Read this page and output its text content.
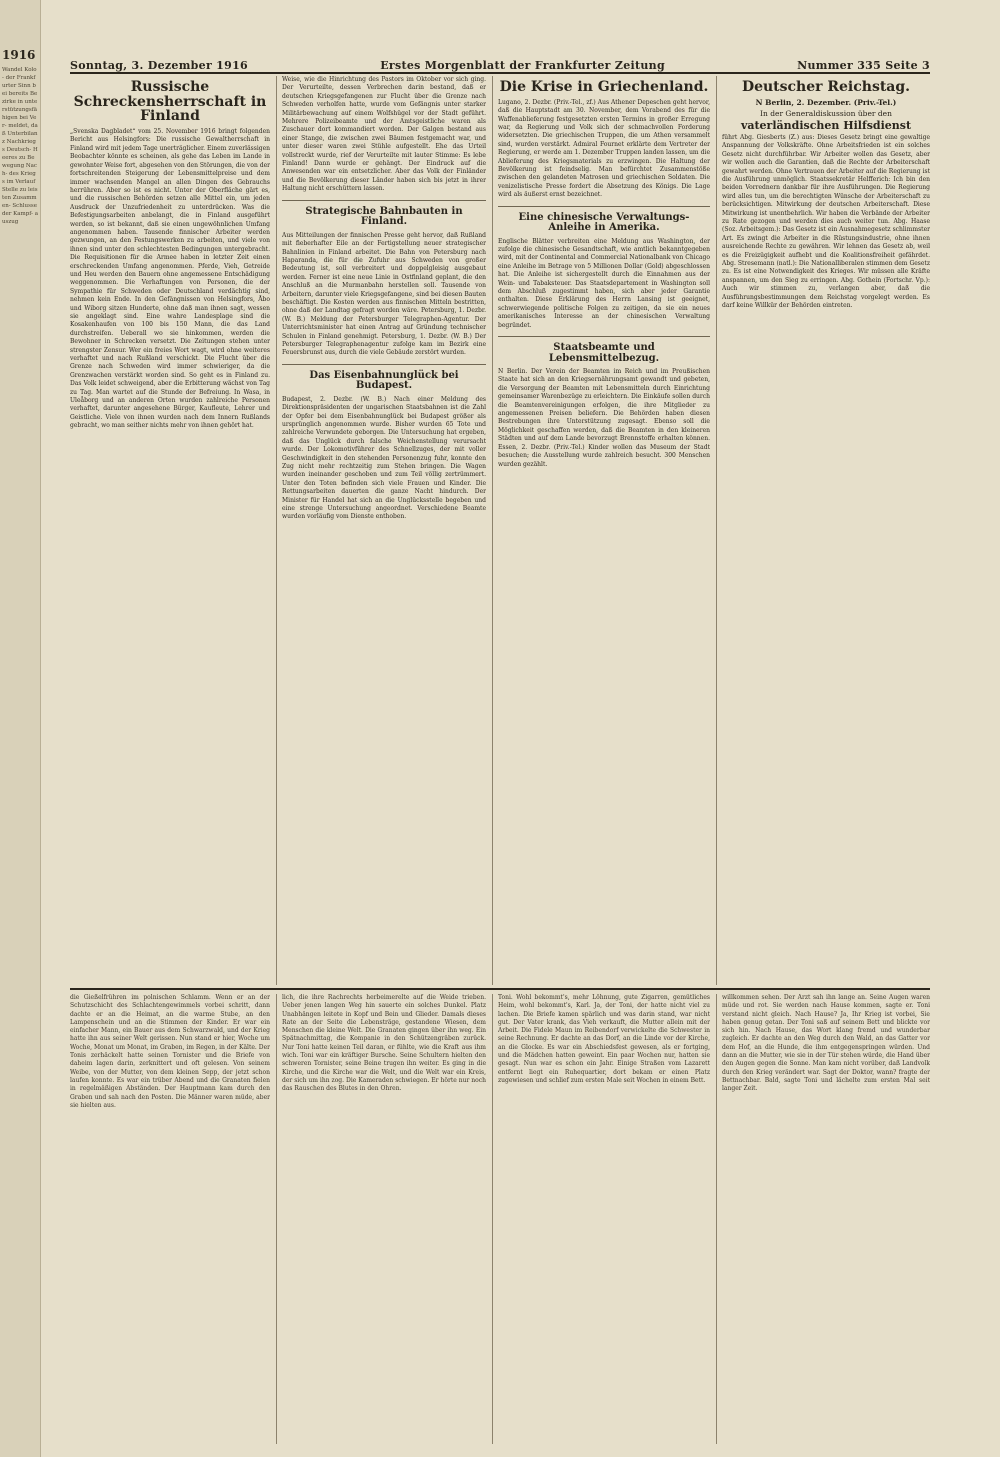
1916
Wandel Kolo- der Frankfurter Sinn bei bereits Bezirke in unterstützungsfähigen bei Ver- meldet, daß Unterbilanz Nachkriegs Deutsch- Heeres zu Bewegung Nach- des Kriegs im Verlauf Stelle zu leisten Zusammen- Schlusse der Kampf- auszug
Sonntag, 3. Dezember 1916	Erstes Morgenblatt der Frankfurter Zeitung	Nummer 335 Seite 3
Russische Schreckensherrschaft in Finland
„Svenska Dagbladet“ vom 25. November 1916 bringt folgenden Bericht aus Helsingfors: Die russische Gewaltherrschaft in Finland wird mit jedem Tage unerträglicher. Einem zuverlässigen Beobachter könnte es scheinen, als gehe das Leben im Lande in gewohnter Weise fort, abgesehen von den Störungen, die von der fortschreitenden Steigerung der Lebensmittelpreise und dem immer wachsenden Mangel an allen Dingen des Gebrauchs herrühren. Aber so ist es nicht. Unter der Oberfläche gärt es, und die russischen Behörden setzen alle Mittel ein, um jeden Ausdruck der Unzufriedenheit zu unterdrücken. Was die Befestigungsarbeiten anbelangt, die in Finland ausgeführt werden, so ist bekannt, daß sie einen ungewöhnlichen Umfang angenommen haben. Tausende finnischer Arbeiter werden gezwungen, an den Festungswerken zu arbeiten, und viele von ihnen sind unter den schlechtesten Bedingungen untergebracht. Die Requisitionen für die Armee haben in letzter Zeit einen erschreckenden Umfang angenommen. Pferde, Vieh, Getreide und Heu werden den Bauern ohne angemessene Entschädigung weggenommen. Die Verhaftungen von Personen, die der Sympathie für Schweden oder Deutschland verdächtig sind, nehmen kein Ende. In den Gefängnissen von Helsingfors, Åbo und Wiborg sitzen Hunderte, ohne daß man ihnen sagt, wessen sie angeklagt sind. Eine wahre Landesplage sind die Kosakenhaufen von 100 bis 150 Mann, die das Land durchstreifen. Ueberall wo sie hinkommen, werden die Bewohner in Schrecken versetzt. Die Zeitungen stehen unter strengster Zensur. Wer ein freies Wort wagt, wird ohne weiteres verhaftet und nach Rußland verschickt. Die Flucht über die Grenze nach Schweden wird immer schwieriger, da die Grenzwachen verstärkt worden sind. So geht es in Finland zu. Das Volk leidet schweigend, aber die Erbitterung wächst von Tag zu Tag. Man wartet auf die Stunde der Befreiung. In Wasa, in Uleåborg und an anderen Orten wurden zahlreiche Personen verhaftet, darunter angesehene Bürger, Kaufleute, Lehrer und Geistliche. Viele von ihnen wurden nach dem Innern Rußlands gebracht, wo man seither nichts mehr von ihnen gehört hat.
Weise, wie die Hinrichtung des Pastors im Oktober vor sich ging. Der Verurteilte, dessen Verbrechen darin bestand, daß er deutschen Kriegsgefangenen zur Flucht über die Grenze nach Schweden verholfen hatte, wurde vom Gefängnis unter starker Militärbewachung auf einem Wolfshügel vor der Stadt geführt. Mehrere Polizeibeamte und der Amtsgeistliche waren als Zuschauer dort kommandiert worden. Der Galgen bestand aus einer Stange, die zwischen zwei Bäumen festgemacht war, und unter dieser waren zwei Stühle aufgestellt. Ehe das Urteil vollstreckt wurde, rief der Verurteilte mit lauter Stimme: Es lebe Finland! Dann wurde er gehängt. Der Eindruck auf die Anwesenden war ein entsetzlicher. Aber das Volk der Finländer und die Bevölkerung dieser Länder haben sich bis jetzt in ihrer Haltung nicht erschüttern lassen.
Strategische Bahnbauten in Finland.
Aus Mitteilungen der finnischen Presse geht hervor, daß Rußland mit fieberhafter Eile an der Fertigstellung neuer strategischer Bahnlinien in Finland arbeitet. Die Bahn von Petersburg nach Haparanda, die für die Zufuhr aus Schweden von großer Bedeutung ist, soll verbreitert und doppelgleisig ausgebaut werden. Ferner ist eine neue Linie in Ostfinland geplant, die den Anschluß an die Murmanbahn herstellen soll. Tausende von Arbeitern, darunter viele Kriegsgefangene, sind bei diesen Bauten beschäftigt. Die Kosten werden aus finnischen Mitteln bestritten, ohne daß der Landtag gefragt worden wäre. Petersburg, 1. Dezbr. (W. B.) Meldung der Petersburger Telegraphen-Agentur. Der Unterrichtsminister hat einen Antrag auf Gründung technischer Schulen in Finland genehmigt. Petersburg, 1. Dezbr. (W. B.) Der Petersburger Telegraphenagentur zufolge kam im Bezirk eine Feuersbrunst aus, durch die viele Gebäude zerstört wurden.
Das Eisenbahnunglück bei Budapest.
Budapest, 2. Dezbr. (W. B.) Nach einer Meldung des Direktionspräsidenten der ungarischen Staatsbahnen ist die Zahl der Opfer bei dem Eisenbahnunglück bei Budapest größer als ursprünglich angenommen wurde. Bisher wurden 65 Tote und zahlreiche Verwundete geborgen. Die Untersuchung hat ergeben, daß das Unglück durch falsche Weichenstellung verursacht wurde. Der Lokomotivführer des Schnellzuges, der mit voller Geschwindigkeit in den stehenden Personenzug fuhr, konnte den Zug nicht mehr rechtzeitig zum Stehen bringen. Die Wagen wurden ineinander geschoben und zum Teil völlig zertrümmert. Unter den Toten befinden sich viele Frauen und Kinder. Die Rettungsarbeiten dauerten die ganze Nacht hindurch. Der Minister für Handel hat sich an die Unglücksstelle begeben und eine strenge Untersuchung angeordnet. Verschiedene Beamte wurden vorläufig vom Dienste enthoben.
Die Krise in Griechenland.
Lugano, 2. Dezbr. (Priv.-Tel., zf.) Aus Athener Depeschen geht hervor, daß die Hauptstadt am 30. November, dem Vorabend des für die Waffenablieferung festgesetzten ersten Termins in großer Erregung war, da Regierung und Volk sich der schmachvollen Forderung widersetzten. Die griechischen Truppen, die um Athen versammelt sind, wurden verstärkt. Admiral Fournet erklärte dem Vertreter der Regierung, er werde am 1. Dezember Truppen landen lassen, um die Ablieferung des Kriegsmaterials zu erzwingen. Die Haltung der Bevölkerung ist feindselig. Man befürchtet Zusammenstöße zwischen den gelandeten Matrosen und griechischen Soldaten. Die venizelistische Presse fordert die Absetzung des Königs. Die Lage wird als äußerst ernst bezeichnet.
Eine chinesische Verwaltungs-Anleihe in Amerika.
Englische Blätter verbreiten eine Meldung aus Washington, der zufolge die chinesische Gesandtschaft, wie amtlich bekanntgegeben wird, mit der Continental and Commercial Nationalbank von Chicago eine Anleihe im Betrage von 5 Millionen Dollar (Gold) abgeschlossen hat. Die Anleihe ist sichergestellt durch die Einnahmen aus der Wein- und Tabaksteuer. Das Staatsdepartement in Washington soll dem Abschluß zugestimmt haben, sich aber jeder Garantie enthalten. Diese Erklärung des Herrn Lansing ist geeignet, schwerwiegende politische Folgen zu zeitigen, da sie ein neues amerikanisches Interesse an der chinesischen Verwaltung begründet.
Staatsbeamte und Lebensmittelbezug.
N Berlin. Der Verein der Beamten im Reich und im Preußischen Staate hat sich an den Kriegsernährungsamt gewandt und gebeten, die Versorgung der Beamten mit Lebensmitteln durch Einrichtung gemeinsamer Warenbezüge zu erleichtern. Die Einkäufe sollen durch die Beamtenvereinigungen erfolgen, die ihre Mitglieder zu angemessenen Preisen beliefern. Die Behörden haben diesen Bestrebungen ihre Unterstützung zugesagt. Ebenso soll die Möglichkeit geschaffen werden, daß die Beamten in den kleineren Städten und auf dem Lande bevorzugt Brennstoffe erhalten können. Essen, 2. Dezbr. (Priv.-Tel.) Kinder wollen das Museum der Stadt besuchen; die Ausstellung wurde zahlreich besucht. 300 Menschen wurden gezählt.
Deutscher Reichstag.
N Berlin, 2. Dezember. (Priv.-Tel.)
In der Generaldiskussion über den
vaterländischen Hilfsdienst
führt Abg. Giesberts (Z.) aus: Dieses Gesetz bringt eine gewaltige Anspannung der Volkskräfte. Ohne Arbeitsfrieden ist ein solches Gesetz nicht durchführbar. Wir Arbeiter wollen das Gesetz, aber wir wollen auch die Garantien, daß die Rechte der Arbeiterschaft gewahrt werden. Ohne Vertrauen der Arbeiter auf die Regierung ist die Ausführung unmöglich. Staatssekretär Helfferich: Ich bin den beiden Vorrednern dankbar für ihre Ausführungen. Die Regierung wird alles tun, um die berechtigten Wünsche der Arbeiterschaft zu berücksichtigen. Mitwirkung der deutschen Arbeiterschaft. Diese Mitwirkung ist unentbehrlich. Wir haben die Verbände der Arbeiter zu Rate gezogen und werden dies auch weiter tun. Abg. Haase (Soz. Arbeitsgem.): Das Gesetz ist ein Ausnahmegesetz schlimmster Art. Es zwingt die Arbeiter in die Rüstungsindustrie, ohne ihnen ausreichende Rechte zu gewähren. Wir lehnen das Gesetz ab, weil es die Freizügigkeit aufhebt und die Koalitionsfreiheit gefährdet. Abg. Stresemann (natl.): Die Nationalliberalen stimmen dem Gesetz zu. Es ist eine Notwendigkeit des Krieges. Wir müssen alle Kräfte anspannen, um den Sieg zu erringen. Abg. Gothein (Fortschr. Vp.): Auch wir stimmen zu, verlangen aber, daß die Ausführungsbestimmungen dem Reichstag vorgelegt werden. Es darf keine Willkür der Behörden eintreten.
die Gießelfrühren im polnischen Schlamm. Wenn er an der Schutzschicht des Schlachtengewimmels vorbei schritt, dann dachte er an die Heimat, an die warme Stube, an den Lampenschein und an die Stimmen der Kinder. Er war ein einfacher Mann, ein Bauer aus dem Schwarzwald, und der Krieg hatte ihn aus seiner Welt gerissen. Nun stand er hier, Woche um Woche, Monat um Monat, im Graben, im Regen, in der Kälte. Der Tonis zerhäckelt hatte seinen Tornister und die Briefe von daheim lagen darin, zerknittert und oft gelesen. Von seinem Weibe, von der Mutter, von dem kleinen Sepp, der jetzt schon laufen konnte. Es war ein trüber Abend und die Granaten fielen in regelmäßigen Abständen. Der Hauptmann kam durch den Graben und sah nach den Posten. Die Männer waren müde, aber sie hielten aus.
lich, die ihre Rachrechts herbeimerelte auf die Weide trieben. Ueber jenen langen Weg hin sauerte ein solches Dunkel. Platz Unabhängen leitete in Kopf und Bein und Glieder. Damals dieses Rate an der Seite die Lebensträge, gestandene Wiesen, dem Menschen die kleine Welt. Die Granaten gingen über ihn weg. Ein Spätnachmittag, die Kompanie in den Schützengräben zurück. Nur Toni hatte keinen Teil daran, er fühlte, wie die Kraft aus ihm wich. Toni war ein kräftiger Bursche. Seine Schultern hielten den schweren Tornister, seine Beine trugen ihn weiter. Es ging in die Kirche, und die Kirche war die Welt, und die Welt war ein Kreis, der sich um ihn zog. Die Kameraden schwiegen. Er hörte nur noch das Rauschen des Blutes in den Ohren.
Toni. Wohl bekommt's, mehr Löhnung, gute Zigarren, gemütliches Heim, wohl bekommt's, Karl. Ja, der Toni, der hatte nicht viel zu lachen. Die Briefe kamen spärlich und was darin stand, war nicht gut. Der Vater krank, das Vieh verkauft, die Mutter allein mit der Arbeit. Die Fidele Maun im Reibendorf verwickelte die Schwester in seine Rechnung. Er dachte an das Dorf, an die Linde vor der Kirche, an die Glocke. Es war ein Abschiedsfest gewesen, als er fortging, und die Mädchen hatten geweint. Ein paar Wochen nur, hatten sie gesagt. Nun war es schon ein Jahr. Einige Straßen vom Lazarett entfernt liegt ein Ruhequartier, dort bekam er einen Platz zugewiesen und schlief zum ersten Male seit Wochen in einem Bett.
willkommen sehen. Der Arzt sah ihn lange an. Seine Augen waren müde und rot. Sie werden nach Hause kommen, sagte er. Toni verstand nicht gleich. Nach Hause? Ja, Ihr Krieg ist vorbei, Sie haben genug getan. Der Toni saß auf seinem Bett und blickte vor sich hin. Nach Hause, das Wort klang fremd und wunderbar zugleich. Er dachte an den Weg durch den Wald, an das Gatter vor dem Hof, an die Hunde, die ihm entgegenspringen würden. Und dann an die Mutter, wie sie in der Tür stehen würde, die Hand über den Augen gegen die Sonne. Man kam nicht vorüber, daß Landvolk durch den Krieg verändert war. Sagt der Doktor, wann? fragte der Bettnachbar. Bald, sagte Toni und lächelte zum ersten Mal seit langer Zeit.
